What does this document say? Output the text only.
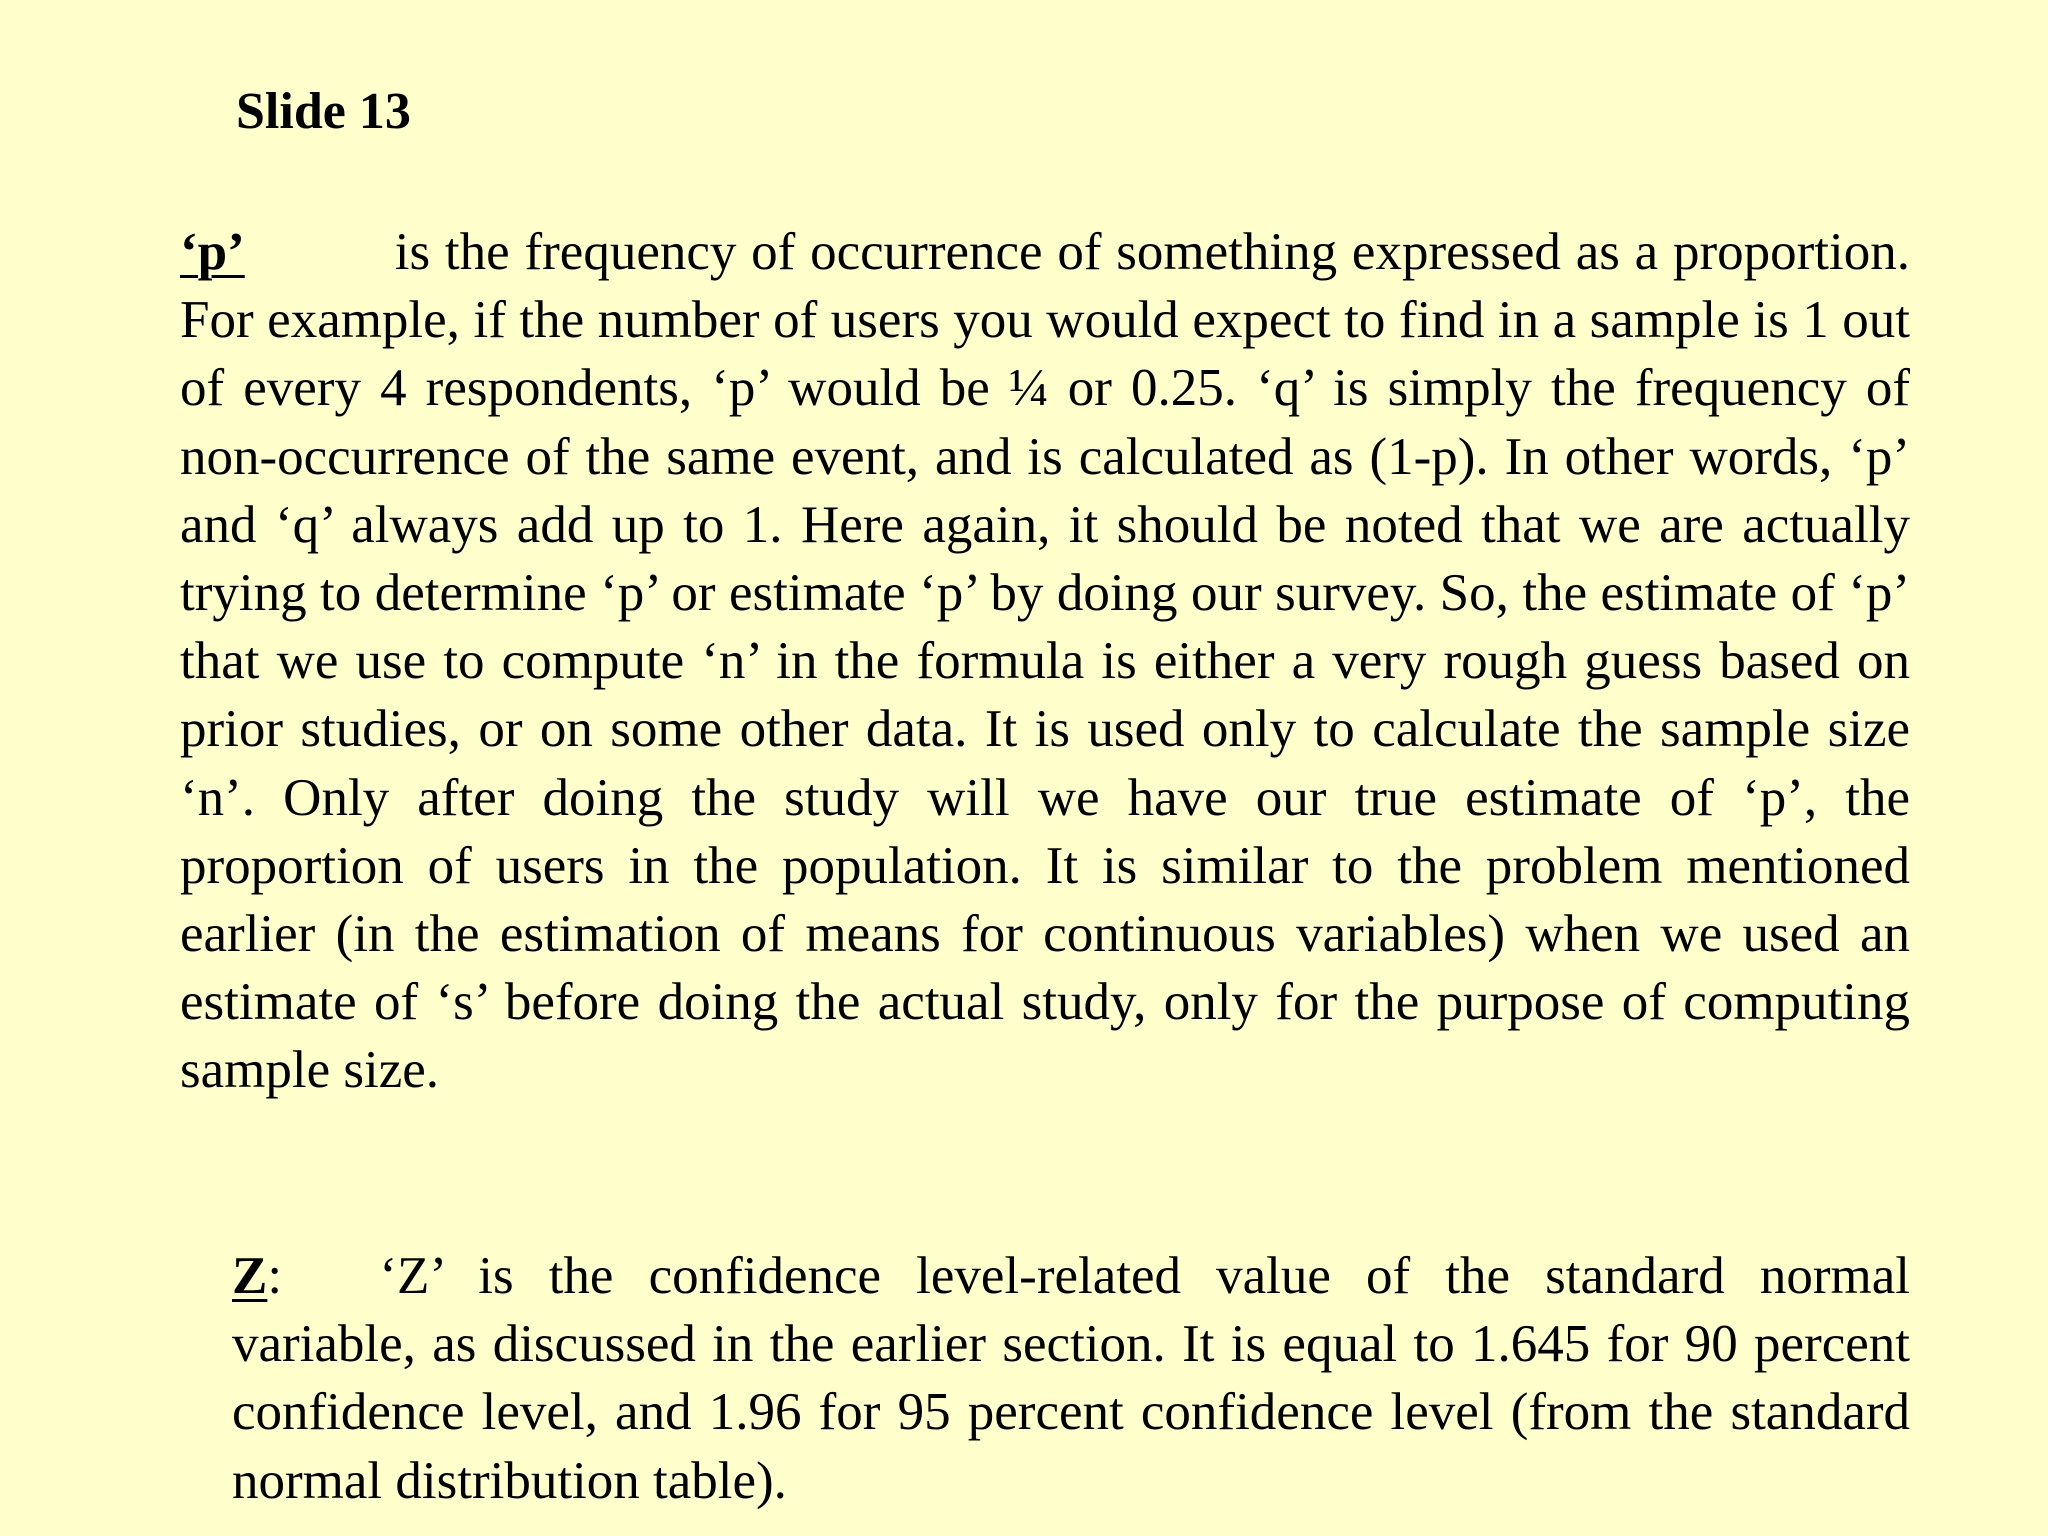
Slide 13

‘p’	is the frequency of occurrence of something expressed as a proportion. For example, if the number of users you would expect to find in a sample is 1 out of every 4 respondents, ‘p’ would be ¼ or 0.25. ‘q’ is simply the frequency of non-occurrence of the same event, and is calculated as (1-p). In other words, ‘p’ and ‘q’ always add up to 1. Here again, it should be noted that we are actually trying to determine ‘p’ or estimate ‘p’ by doing our survey. So, the estimate of ‘p’ that we use to compute ‘n’ in the formula is either a very rough guess based on prior studies, or on some other data. It is used only to calculate the sample size ‘n’. Only after doing the study will we have our true estimate of ‘p’, the proportion of users in the population. It is similar to the problem mentioned earlier (in the estimation of means for continuous variables) when we used an estimate of ‘s’ before doing the actual study, only for the purpose of computing sample size.

Z: ‘Z’ is the confidence level-related value of the standard normal variable, as discussed in the earlier section. It is equal to 1.645 for 90 percent confidence level, and 1.96 for 95 percent confidence level (from the standard normal distribution table).
